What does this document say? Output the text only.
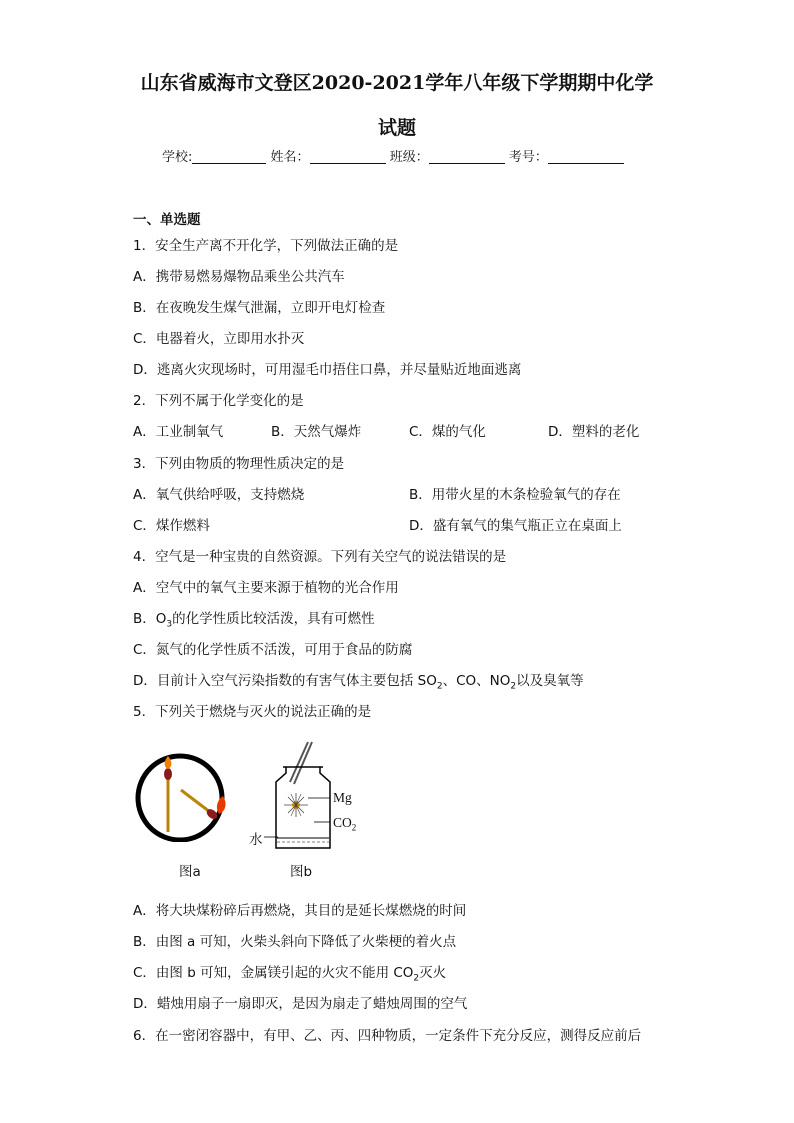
山东省威海市文登区2020-2021学年八年级下学期期中化学
试题
学校:	姓名：	班级：	考号：
一、单选题
1．安全生产离不开化学，下列做法正确的是
A．携带易燃易爆物品乘坐公共汽车
B．在夜晚发生煤气泄漏，立即开电灯检查
C．电器着火，立即用水扑灭
D．逃离火灾现场时，可用湿毛巾捂住口鼻，并尽量贴近地面逃离
2．下列不属于化学变化的是
A．工业制氧气	B．天然气爆炸	C．煤的气化	D．塑料的老化
3．下列由物质的物理性质决定的是
A．氧气供给呼吸，支持燃烧	B．用带火星的木条检验氧气的存在
C．煤作燃料	D．盛有氧气的集气瓶正立在桌面上
4．空气是一种宝贵的自然资源。下列有关空气的说法错误的是
A．空气中的氧气主要来源于植物的光合作用
B．$O_3$的化学性质比较活泼，具有可燃性
C．氮气的化学性质不活泼，可用于食品的防腐
D．目前计入空气污染指数的有害气体主要包括 $SO_2$、CO、$NO_2$以及臭氧等
5．下列关于燃烧与灭火的说法正确的是
图a
Mg
$CO_2$
水
图b
A．将大块煤粉碎后再燃烧，其目的是延长煤燃烧的时间
B．由图 a 可知，火柴头斜向下降低了火柴梗的着火点
C．由图 b 可知，金属镁引起的火灾不能用 $CO_2$灭火
D．蜡烛用扇子一扇即灭，是因为扇走了蜡烛周围的空气
6．在一密闭容器中，有甲、乙、丙、四种物质，一定条件下充分反应，测得反应前后
